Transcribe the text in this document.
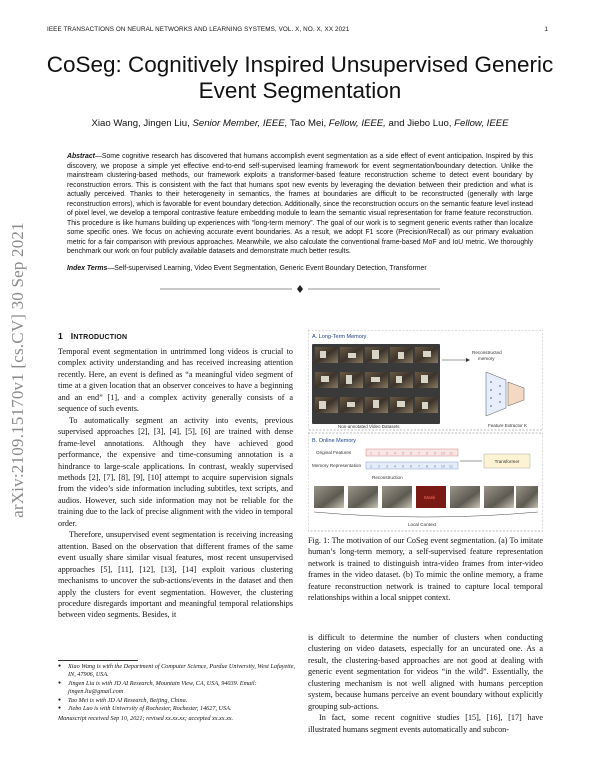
IEEE TRANSACTIONS ON NEURAL NETWORKS AND LEARNING SYSTEMS, VOL. X, NO. X, XX 2021	1
CoSeg: Cognitively Inspired Unsupervised Generic Event Segmentation
Xiao Wang, Jingen Liu, Senior Member, IEEE, Tao Mei, Fellow, IEEE, and Jiebo Luo, Fellow, IEEE
Abstract—Some cognitive research has discovered that humans accomplish event segmentation as a side effect of event anticipation. Inspired by this discovery, we propose a simple yet effective end-to-end self-supervised learning framework for event segmentation/boundary detection. Unlike the mainstream clustering-based methods, our framework exploits a transformer-based feature reconstruction scheme to detect event boundary by reconstruction errors. This is consistent with the fact that humans spot new events by leveraging the deviation between their prediction and what is actually perceived. Thanks to their heterogeneity in semantics, the frames at boundaries are difficult to be reconstructed (generally with large reconstruction errors), which is favorable for event boundary detection. Additionally, since the reconstruction occurs on the semantic feature level instead of pixel level, we develop a temporal contrastive feature embedding module to learn the semantic visual representation for frame feature reconstruction. This procedure is like humans building up experiences with “long-term memory”. The goal of our work is to segment generic events rather than localize some specific ones. We focus on achieving accurate event boundaries. As a result, we adopt F1 score (Precision/Recall) as our primary evaluation metric for a fair comparison with previous approaches. Meanwhile, we also calculate the conventional frame-based MoF and IoU metric. We thoroughly benchmark our work on four publicly available datasets and demonstrate much better results.
Index Terms—Self-supervised Learning, Video Event Segmentation, Generic Event Boundary Detection, Transformer
arXiv:2109.15170v1 [cs.CV] 30 Sep 2021	1 INTRODUCTION

Temporal event segmentation in untrimmed long videos is crucial to complex activity understanding and has received increasing attention recently. Here, an event is defined as “a meaningful video segment of time at a given location that an observer conceives to have a beginning and an end” [1], and a complex activity generally consists of a sequence of such events.

To automatically segment an activity into events, previous supervised approaches [2], [3], [4], [5], [6] are trained with dense frame-level annotations. Although they have achieved good performance, the expensive and time-consuming annotation is a hindrance to large-scale applications. In contrast, weakly supervised methods [2], [7], [8], [9], [10] attempt to acquire supervision signals from the video’s side information including subtitles, text scripts, and audios. However, such side information may not be reliable for the training due to the lack of precise alignment with the video in temporal order.

Therefore, unsupervised event segmentation is receiving increasing attention. Based on the observation that different frames of the same event usually share similar visual features, most recent unsupervised approaches [5], [11], [12], [13], [14] exploit various clustering mechanisms to uncover the sub-actions/events in the dataset and then apply the clusters for event segmentation. However, the clustering procedure disregards important and meaningful temporal relationships between video segments. Besides, it

● Xiao Wang is with the Department of Computer Science, Purdue University, West Lafayette, IN, 47906, USA.
● Jingen Liu is with JD AI Research, Mountain View, CA, USA, 94039. Email: jingen.liu@gmail.com
● Tao Mei is with JD AI Research, Beijing, China.
● Jiebo Luo is with University of Rochester, Rochester, 14627, USA.
Manuscript received Sep 10, 2021; revised xx.xx.xx; accepted xx.xx.xx.
A. Long-Term Memory
Non-annotated Video Datasets
Reconstructed memory
Feature Extractor K
B. Online Memory
Original Features
Memory Representation
1 2 3 4 5 6 7 8 9 10 11
1 2 3 4 5 6 7 8 9 10 11
Transformer
Reconstruction
Mask
Local Context
Fig. 1: The motivation of our CoSeg event segmentation. (a) To imitate human’s long-term memory, a self-supervised feature representation network is trained to distinguish intra-video frames from inter-video frames in the video dataset. (b) To mimic the online memory, a frame feature reconstruction network is trained to capture local temporal relationships within a local snippet context.

is difficult to determine the number of clusters when conducting clustering on video datasets, especially for an uncurated one. As a result, the clustering-based approaches are not good at dealing with generic event segmentation for videos “in the wild”. Essentially, the clustering mechanism is not well aligned with humans perception system, because humans perceive an event boundary without explicitly grouping sub-actions.

In fact, some recent cognitive studies [15], [16], [17] have illustrated humans segment events automatically and subcon-
